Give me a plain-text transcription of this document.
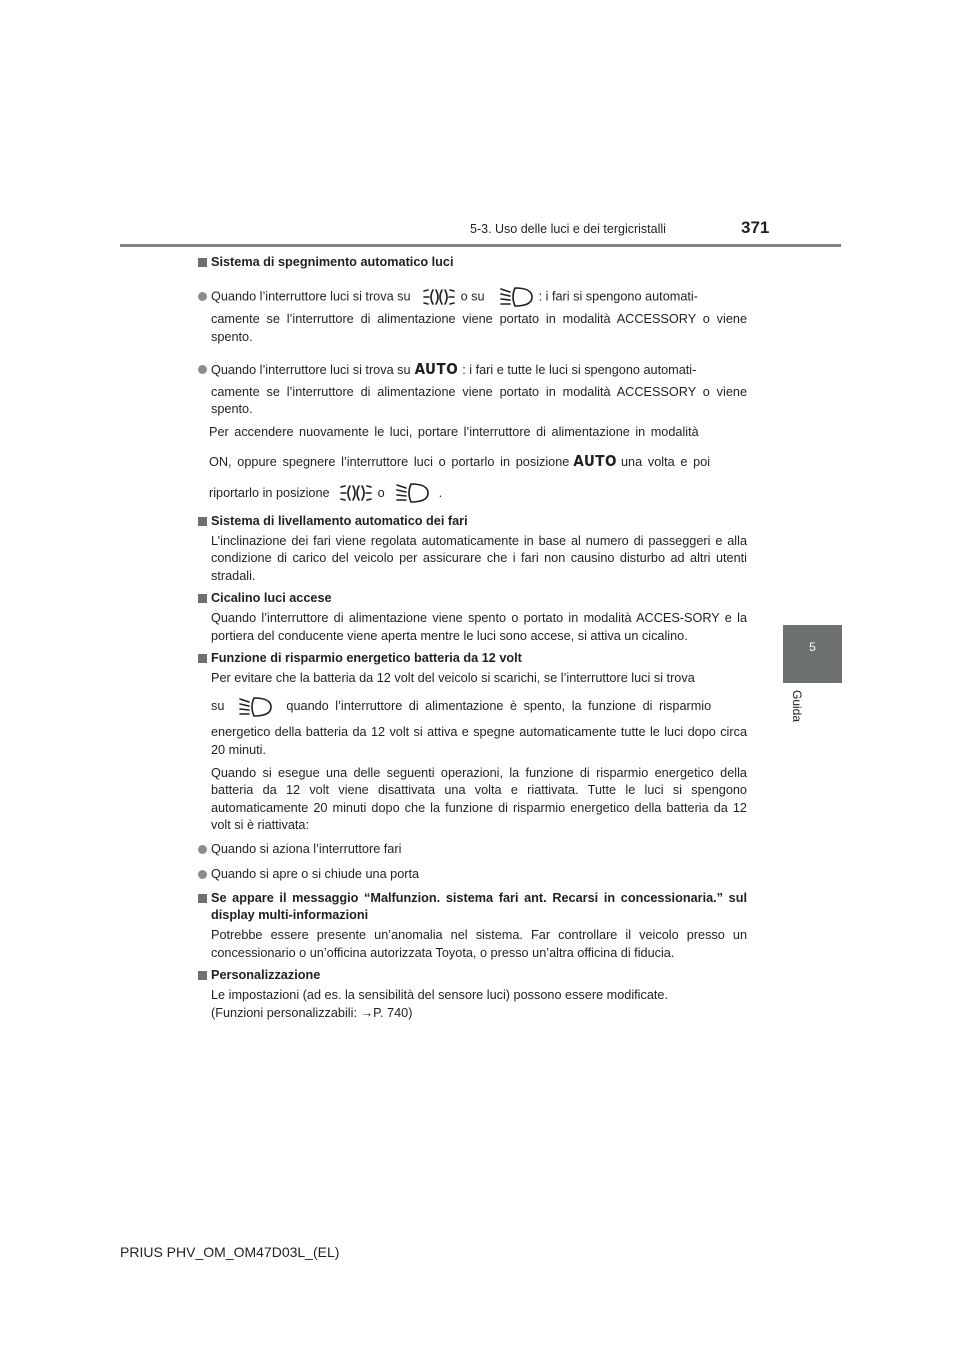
5-3. Uso delle luci e dei tergicristalli	371
5
Guida

Sistema di spegnimento automatico luci

Quando l’interruttore luci si trova su	o su	: i fari si spengono automati-

camente se l’interruttore di alimentazione viene portato in modalità ACCESSORY o viene spento.

Quando l’interruttore luci si trova su AUTO : i fari e tutte le luci si spengono automati-

camente se l’interruttore di alimentazione viene portato in modalità ACCESSORY o viene spento.

Per accendere nuovamente le luci, portare l’interruttore di alimentazione in modalità

ON, oppure spegnere l’interruttore luci o portarlo in posizione AUTO una volta e poi

riportarlo in posizione	o	.

Sistema di livellamento automatico dei fari

L’inclinazione dei fari viene regolata automaticamente in base al numero di passeggeri e alla condizione di carico del veicolo per assicurare che i fari non causino disturbo ad altri utenti stradali.

Cicalino luci accese

Quando l’interruttore di alimentazione viene spento o portato in modalità ACCES-SORY e la portiera del conducente viene aperta mentre le luci sono accese, si attiva un cicalino.

Funzione di risparmio energetico batteria da 12 volt

Per evitare che la batteria da 12 volt del veicolo si scarichi, se l’interruttore luci si trova

su	quando l’interruttore di alimentazione è spento, la funzione di risparmio

energetico della batteria da 12 volt si attiva e spegne automaticamente tutte le luci dopo circa 20 minuti.

Quando si esegue una delle seguenti operazioni, la funzione di risparmio energetico della batteria da 12 volt viene disattivata una volta e riattivata. Tutte le luci si spengono automaticamente 20 minuti dopo che la funzione di risparmio energetico della batteria da 12 volt si è riattivata:

Quando si aziona l’interruttore fari

Quando si apre o si chiude una porta

Se appare il messaggio “Malfunzion. sistema fari ant. Recarsi in concessionaria.” sul display multi-informazioni

Potrebbe essere presente un’anomalia nel sistema. Far controllare il veicolo presso un concessionario o un’officina autorizzata Toyota, o presso un’altra officina di fiducia.

Personalizzazione

Le impostazioni (ad es. la sensibilità del sensore luci) possono essere modificate.

(Funzioni personalizzabili: →P. 740)

PRIUS PHV_OM_OM47D03L_(EL)
